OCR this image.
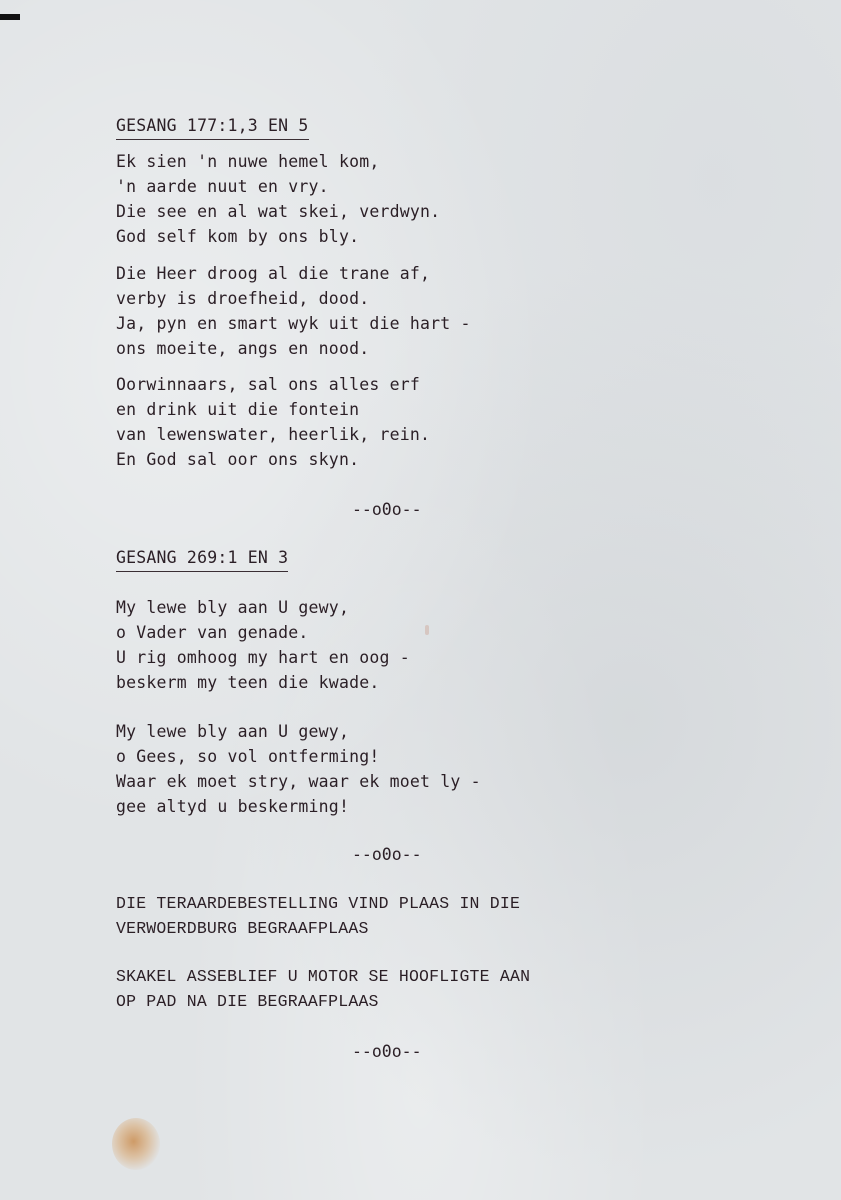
GESANG 177:1,3 EN 5
Ek sien 'n nuwe hemel kom,
'n aarde nuut en vry.
Die see en al wat skei, verdwyn.
God self kom by ons bly.
Die Heer droog al die trane af,
verby is droefheid, dood.
Ja, pyn en smart wyk uit die hart -
ons moeite, angs en nood.
Oorwinnaars, sal ons alles erf
en drink uit die fontein
van lewenswater, heerlik, rein.
En God sal oor ons skyn.
--o0o--
GESANG 269:1 EN 3
My lewe bly aan U gewy,
o Vader van genade.
U rig omhoog my hart en oog -
beskerm my teen die kwade.
My lewe bly aan U gewy,
o Gees, so vol ontferming!
Waar ek moet stry, waar ek moet ly -
gee altyd u beskerming!
--o0o--
DIE TERAARDEBESTELLING VIND PLAAS IN DIE
VERWOERDBURG BEGRAAFPLAAS
SKAKEL ASSEBLIEF U MOTOR SE HOOFLIGTE AAN
OP PAD NA DIE BEGRAAFPLAAS
--o0o--
